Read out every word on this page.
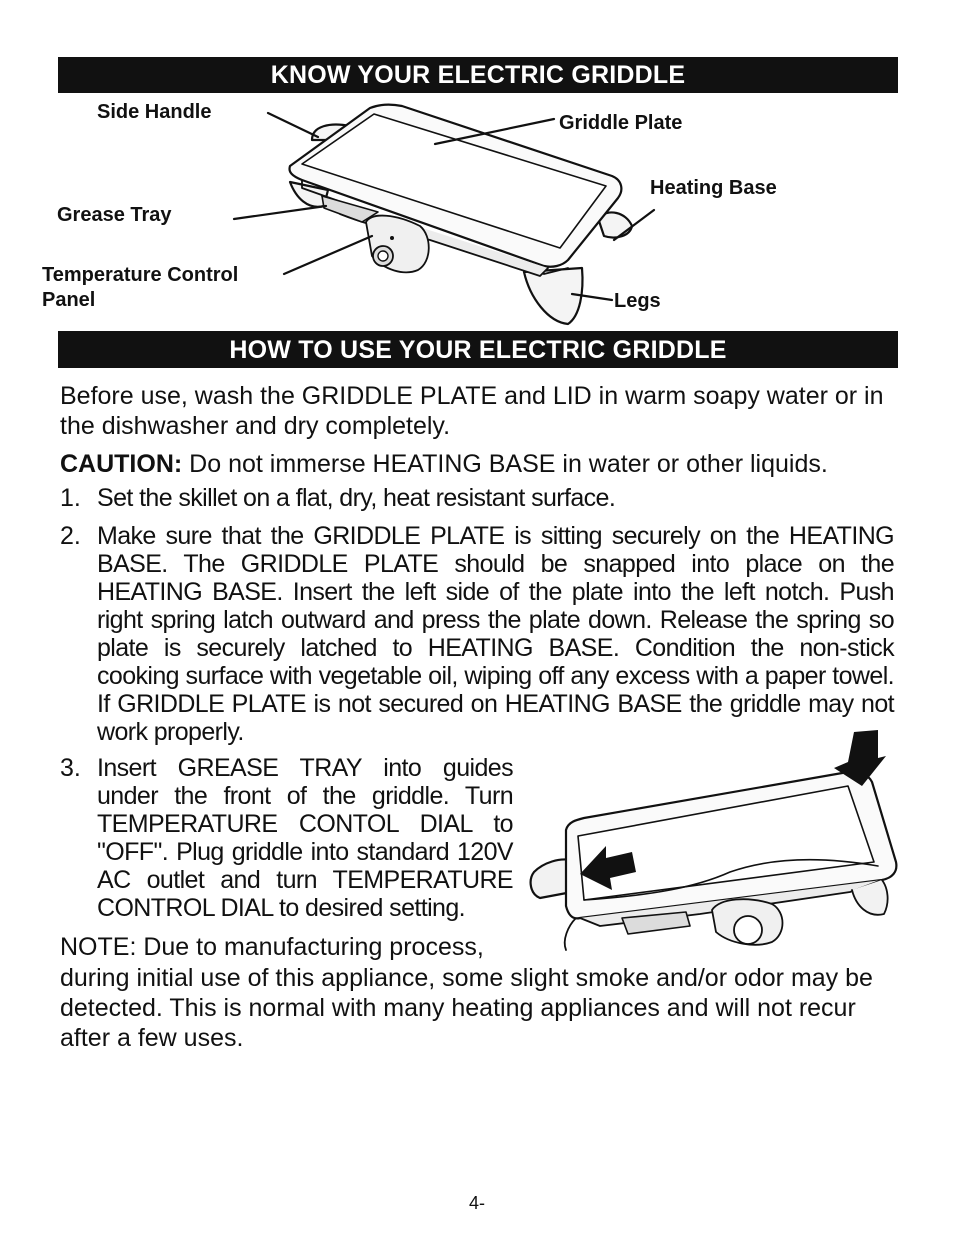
KNOW YOUR ELECTRIC GRIDDLE
Side Handle	Griddle Plate
Heating Base
Grease Tray
Temperature Control
Panel	Legs
HOW TO USE YOUR ELECTRIC GRIDDLE
Before use, wash the GRIDDLE PLATE and LID in warm soapy water or in the dishwasher and dry completely.
CAUTION: Do not immerse HEATING BASE in water or other liquids.
1. Set the skillet on a flat, dry, heat resistant surface.
2. Make sure that the GRIDDLE PLATE is sitting securely on the HEATING BASE. The GRIDDLE PLATE should be snapped into place on the HEATING BASE. Insert the left side of the plate into the left notch. Push right spring latch outward and press the plate down. Release the spring so plate is securely latched to HEATING BASE. Condition the non-stick cooking surface with vegetable oil, wiping off any excess with a paper towel. If GRIDDLE PLATE is not secured on HEATING BASE the griddle may not work properly.
3. Insert GREASE TRAY into guides under the front of the griddle. Turn TEMPERATURE CONTOL DIAL to "OFF". Plug griddle into standard 120V AC outlet and turn TEMPERATURE CONTROL DIAL to desired setting.
NOTE: Due to manufacturing process,
during initial use of this appliance, some slight smoke and/or odor may be detected. This is normal with many heating appliances and will not recur after a few uses.
4-
